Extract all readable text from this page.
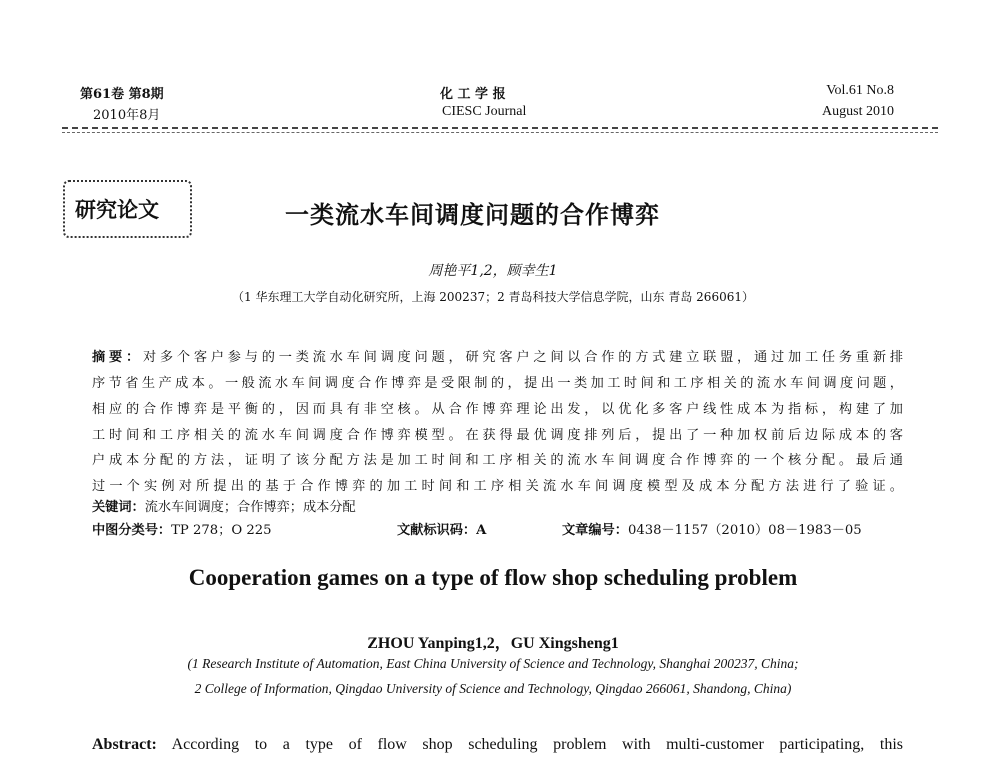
第61卷 第8期
2010年8月
化 工 学 报
CIESC Journal
Vol.61 No.8
August 2010
研究论文	一类流水车间调度问题的合作博弈
周艳平1,2，顾幸生1
（1 华东理工大学自动化研究所，上海 200237；2 青岛科技大学信息学院，山东 青岛 266061）
摘要：对多个客户参与的一类流水车间调度问题，研究客户之间以合作的方式建立联盟，通过加工任务重新排
序节省生产成本。一般流水车间调度合作博弈是受限制的，提出一类加工时间和工序相关的流水车间调度问题，
相应的合作博弈是平衡的，因而具有非空核。从合作博弈理论出发，以优化多客户线性成本为指标，构建了加
工时间和工序相关的流水车间调度合作博弈模型。在获得最优调度排列后，提出了一种加权前后边际成本的客
户成本分配的方法，证明了该分配方法是加工时间和工序相关的流水车间调度合作博弈的一个核分配。最后通
过一个实例对所提出的基于合作博弈的加工时间和工序相关流水车间调度模型及成本分配方法进行了验证。
关键词：流水车间调度；合作博弈；成本分配
中图分类号：TP 278；O 225	文献标识码：A	文章编号：0438－1157（2010）08－1983－05
Cooperation games on a type of flow shop scheduling problem
ZHOU Yanping1,2，GU Xingsheng1
(1 Research Institute of Automation, East China University of Science and Technology, Shanghai 200237, China;
2 College of Information, Qingdao University of Science and Technology, Qingdao 266061, Shandong, China)
Abstract: According to a type of flow shop scheduling problem with multi-customer participating, this
